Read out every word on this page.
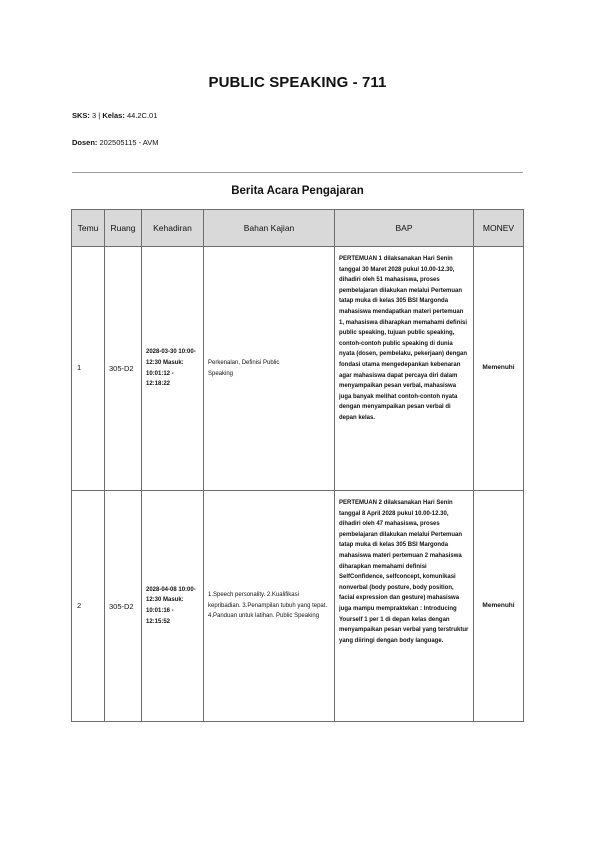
PUBLIC SPEAKING - 711
SKS: 3 | Kelas: 44.2C.01
Dosen: 202505115 - AVM
Berita Acara Pengajaran
Temu	Ruang	Kehadiran	Bahan Kajian	BAP	MONEV
1	305-D2	2028-03-30 10:00-12:30 Masuk: 10:01:12 - 12:18:22	Perkenalan, Definisi Public Speaking	PERTEMUAN 1 dilaksanakan Hari Senin tanggal 30 Maret 2028 pukul 10.00-12.30, dihadiri oleh 51 mahasiswa, proses pembelajaran dilakukan melalui Pertemuan tatap muka di kelas 305 BSI Margonda mahasiswa mendapatkan materi pertemuan 1, mahasiswa diharapkan memahami definisi public speaking, tujuan public speaking, contoh-contoh public speaking di dunia nyata (dosen, pembelaku, pekerjaan) dengan fondasi utama mengedepankan kebenaran agar mahasiswa dapat percaya diri dalam menyampaikan pesan verbal, mahasiswa juga banyak melihat contoh-contoh nyata dengan menyampaikan pesan verbal di depan kelas.	Memenuhi
2	305-D2	2028-04-08 10:00-12:30 Masuk: 10:01:16 - 12:15:52	1.Speech personality. 2.Kualifikasi kepribadian. 3.Penampilan tubuh yang tepat. 4.Panduan untuk latihan. Public Speaking	PERTEMUAN 2 dilaksanakan Hari Senin tanggal 8 April 2028 pukul 10.00-12.30, dihadiri oleh 47 mahasiswa, proses pembelajaran dilakukan melalui Pertemuan tatap muka di kelas 305 BSI Margonda mahasiswa materi pertemuan 2 mahasiswa diharapkan memahami definisi SelfConfidence, selfconcept, komunikasi nonverbal (body posture, body position, facial expression dan gesture) mahasiswa juga mampu mempraktekan : Introducing Yourself 1 per 1 di depan kelas dengan menyampaikan pesan verbal yang terstruktur yang diiringi dengan body language.	Memenuhi
